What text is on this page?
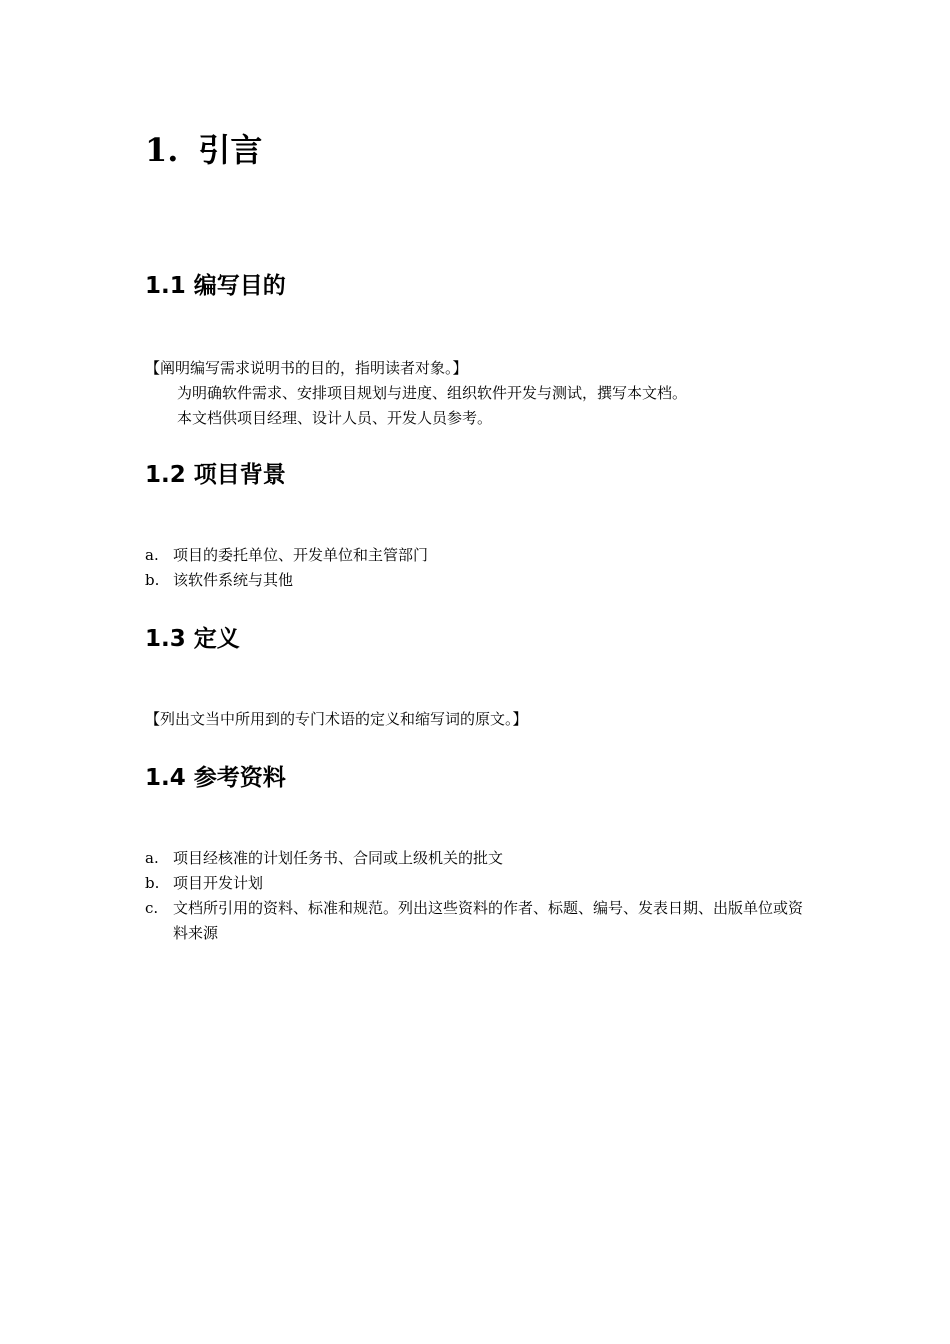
1. 引言
1.1 编写目的
【阐明编写需求说明书的目的，指明读者对象。】
为明确软件需求、安排项目规划与进度、组织软件开发与测试，撰写本文档。
本文档供项目经理、设计人员、开发人员参考。
1.2 项目背景
a. 项目的委托单位、开发单位和主管部门
b. 该软件系统与其他
1.3 定义
【列出文当中所用到的专门术语的定义和缩写词的原文。】
1.4 参考资料
a. 项目经核准的计划任务书、合同或上级机关的批文
b. 项目开发计划
c. 文档所引用的资料、标准和规范。列出这些资料的作者、标题、编号、发表日期、出版单位或资料来源
